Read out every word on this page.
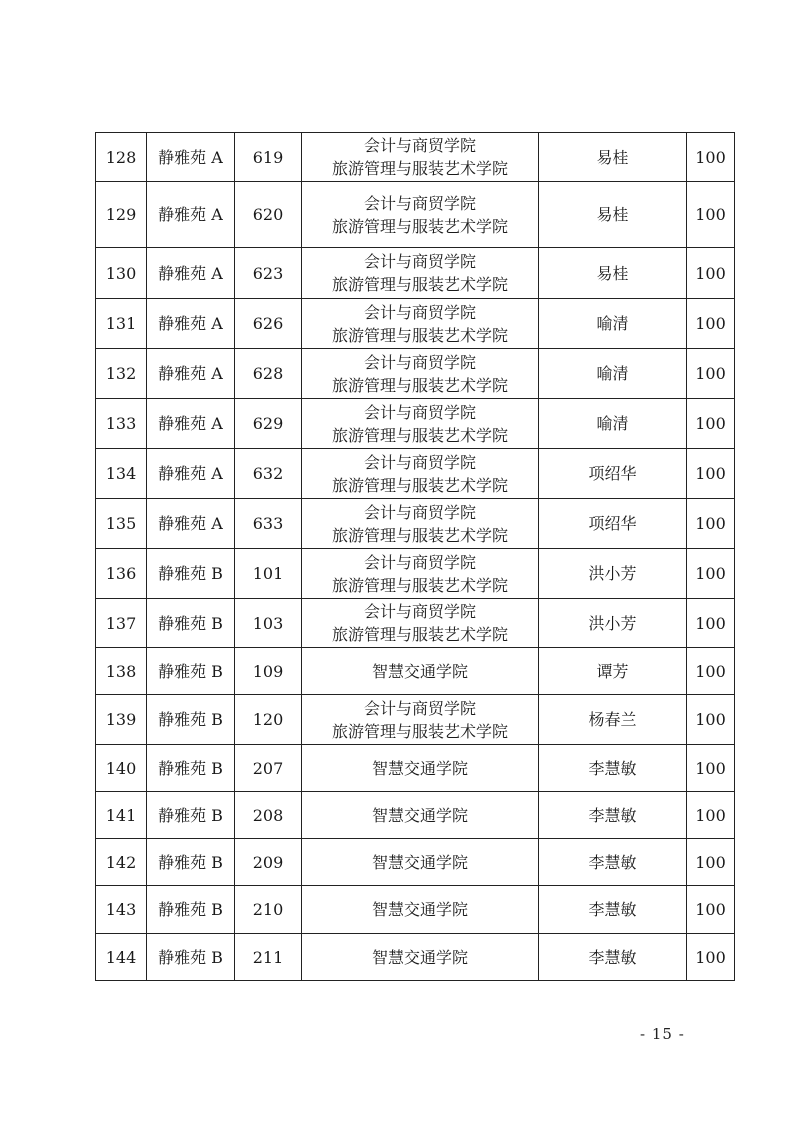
128	静雅苑 A	619	会计与商贸学院
旅游管理与服装艺术学院	易桂	100
129	静雅苑 A	620	会计与商贸学院
旅游管理与服装艺术学院	易桂	100
130	静雅苑 A	623	会计与商贸学院
旅游管理与服装艺术学院	易桂	100
131	静雅苑 A	626	会计与商贸学院
旅游管理与服装艺术学院	喻清	100
132	静雅苑 A	628	会计与商贸学院
旅游管理与服装艺术学院	喻清	100
133	静雅苑 A	629	会计与商贸学院
旅游管理与服装艺术学院	喻清	100
134	静雅苑 A	632	会计与商贸学院
旅游管理与服装艺术学院	项绍华	100
135	静雅苑 A	633	会计与商贸学院
旅游管理与服装艺术学院	项绍华	100
136	静雅苑 B	101	会计与商贸学院
旅游管理与服装艺术学院	洪小芳	100
137	静雅苑 B	103	会计与商贸学院
旅游管理与服装艺术学院	洪小芳	100
138	静雅苑 B	109	智慧交通学院	谭芳	100
139	静雅苑 B	120	会计与商贸学院
旅游管理与服装艺术学院	杨春兰	100
140	静雅苑 B	207	智慧交通学院	李慧敏	100
141	静雅苑 B	208	智慧交通学院	李慧敏	100
142	静雅苑 B	209	智慧交通学院	李慧敏	100
143	静雅苑 B	210	智慧交通学院	李慧敏	100
144	静雅苑 B	211	智慧交通学院	李慧敏	100
- 15 -
